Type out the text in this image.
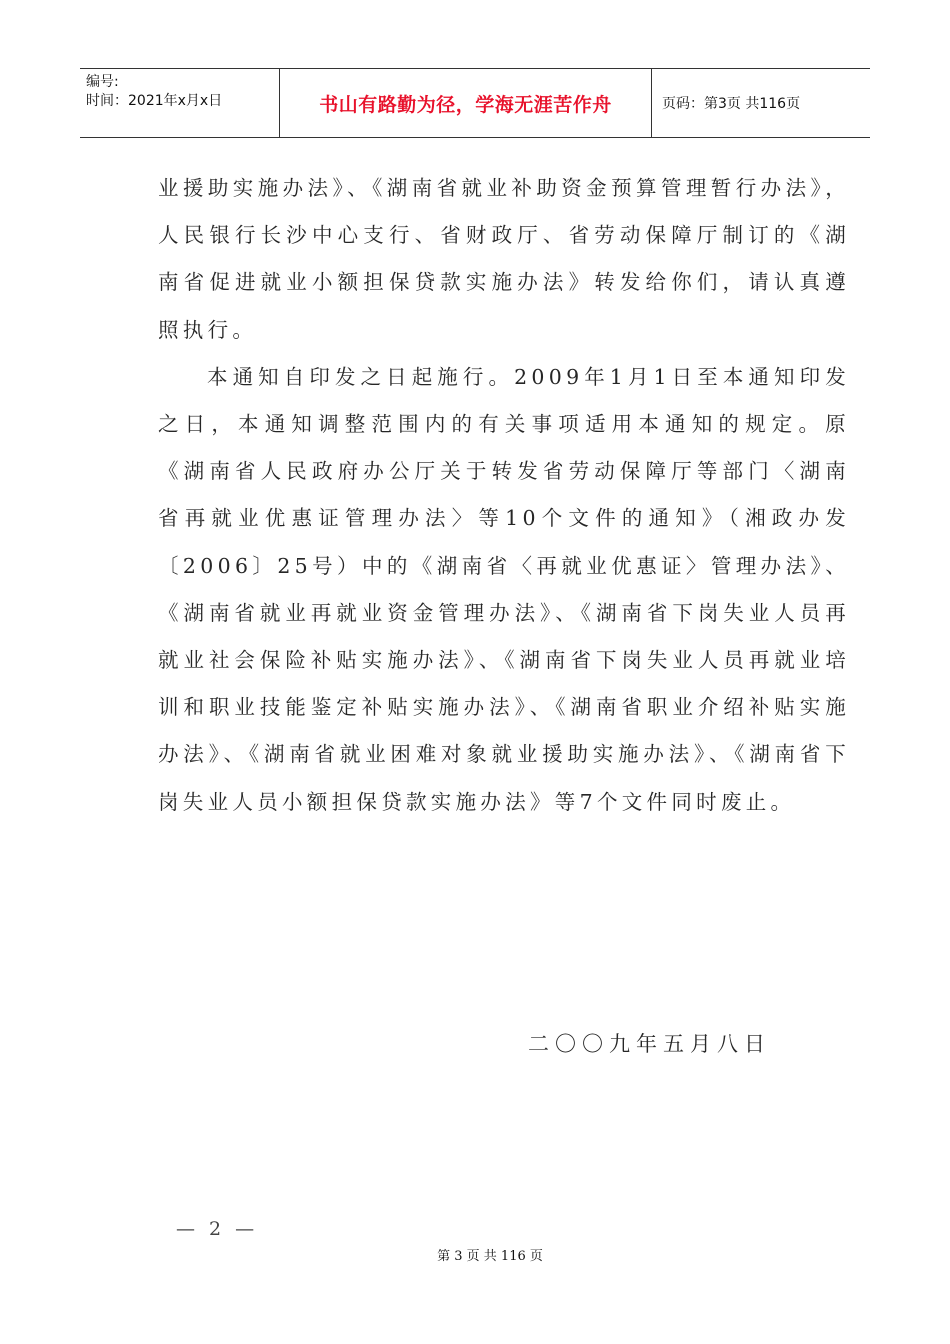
编号:
时间：2021年x月x日	书山有路勤为径，学海无涯苦作舟	页码：第3页 共116页

业援助实施办法》、《湖南省就业补助资金预算管理暂行办法》，人民银行长沙中心支行、省财政厅、省劳动保障厅制订的《湖南省促进就业小额担保贷款实施办法》转发给你们，请认真遵照执行。

本通知自印发之日起施行。2009年1月1日至本通知印发之日，本通知调整范围内的有关事项适用本通知的规定。原《湖南省人民政府办公厅关于转发省劳动保障厅等部门〈湖南省再就业优惠证管理办法〉等10个文件的通知》（湘政办发〔2006〕25号）中的《湖南省〈再就业优惠证〉管理办法》、《湖南省就业再就业资金管理办法》、《湖南省下岗失业人员再就业社会保险补贴实施办法》、《湖南省下岗失业人员再就业培训和职业技能鉴定补贴实施办法》、《湖南省职业介绍补贴实施办法》、《湖南省就业困难对象就业援助实施办法》、《湖南省下岗失业人员小额担保贷款实施办法》等7个文件同时废止。

二〇〇九年五月八日
— 2 —
第 3 页 共 116 页
